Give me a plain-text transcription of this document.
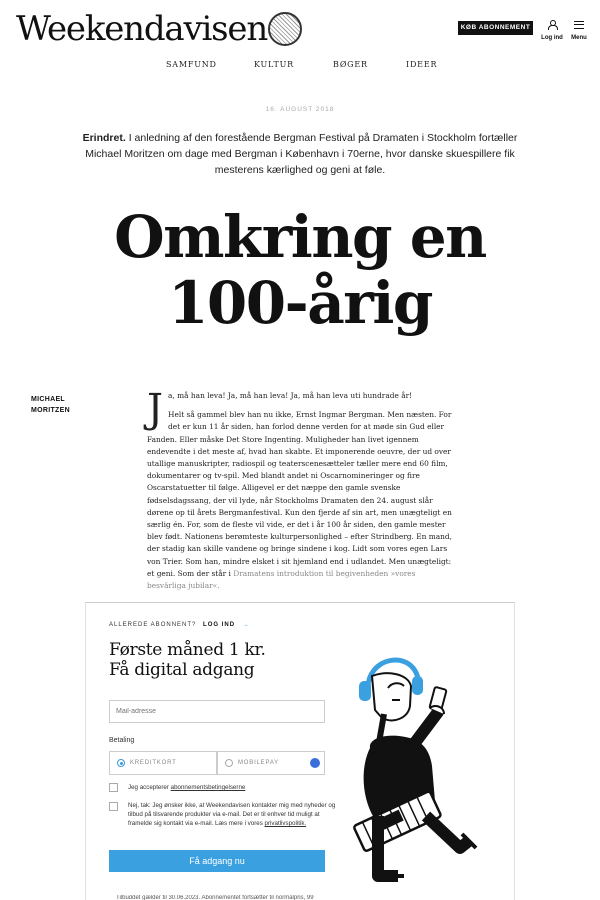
Weekendavisen	KØB ABONNEMENT
Log ind	Menu
SAMFUND	KULTUR	BØGER	IDEER
16. AUGUST 2018
Erindret. I anledning af den forestående Bergman Festival på Dramaten i Stockholm fortæller Michael Moritzen om dage med Bergman i København i 70erne, hvor danske skuespillere fik mesterens kærlighed og geni at føle.
Omkring en 100-årig
MICHAEL
MORITZEN	J a, må han leva! Ja, må han leva! Ja, må han leva uti hundrade år!

Helt så gammel blev han nu ikke, Ernst Ingmar Bergman. Men næsten. For det er kun 11 år siden, han forlod denne verden for at møde sin Gud eller Fanden. Eller måske Det Store Ingenting. Muligheder han livet igennem endevendte i det meste af, hvad han skabte. Et imponerende oeuvre, der ud over utallige manuskripter, radiospil og teaterscenesætteler tæller mere end 60 film, dokumentarer og tv-spil. Med blandt andet ni Oscarnomineringer og fire Oscarstatuetter til følge. Alligevel er det næppe den gamle svenske fødselsdagssang, der vil lyde, når Stockholms Dramaten den 24. august slår dørene op til årets Bergmanfestival. Kun den fjerde af sin art, men unægteligt en særlig én. For, som de fleste vil vide, er det i år 100 år siden, den gamle mester blev født. Nationens berømteste kulturpersonlighed – efter Strindberg. En mand, der stadig kan skille vandene og bringe sindene i kog. Lidt som vores egen Lars von Trier. Som han, mindre elsket i sit hjemland end i udlandet. Men unægteligt: et geni. Som der står i Dramatens introduktion til begivenheden »vores besvärliga jubilar«.

ALLEREDE ABONNENT? LOG IND →
Første måned 1 kr.
Få digital adgang
Mail-adresse
Betaling
KREDITKORT	MOBILEPAY
Jeg accepterer abonnementsbetingelserne
Nej, tak: Jeg ønsker ikke, at Weekendavisen kontakter mig med nyheder og tilbud på tilsvarende produkter via e-mail. Det er til enhver tid muligt at framelde sig kontakt via e-mail. Læs mere i vores privatlivspolitik.
Få adgang nu
Tilbuddet gælder til 30.06.2023. Abonnementet fortsætter til normalpris, 99
